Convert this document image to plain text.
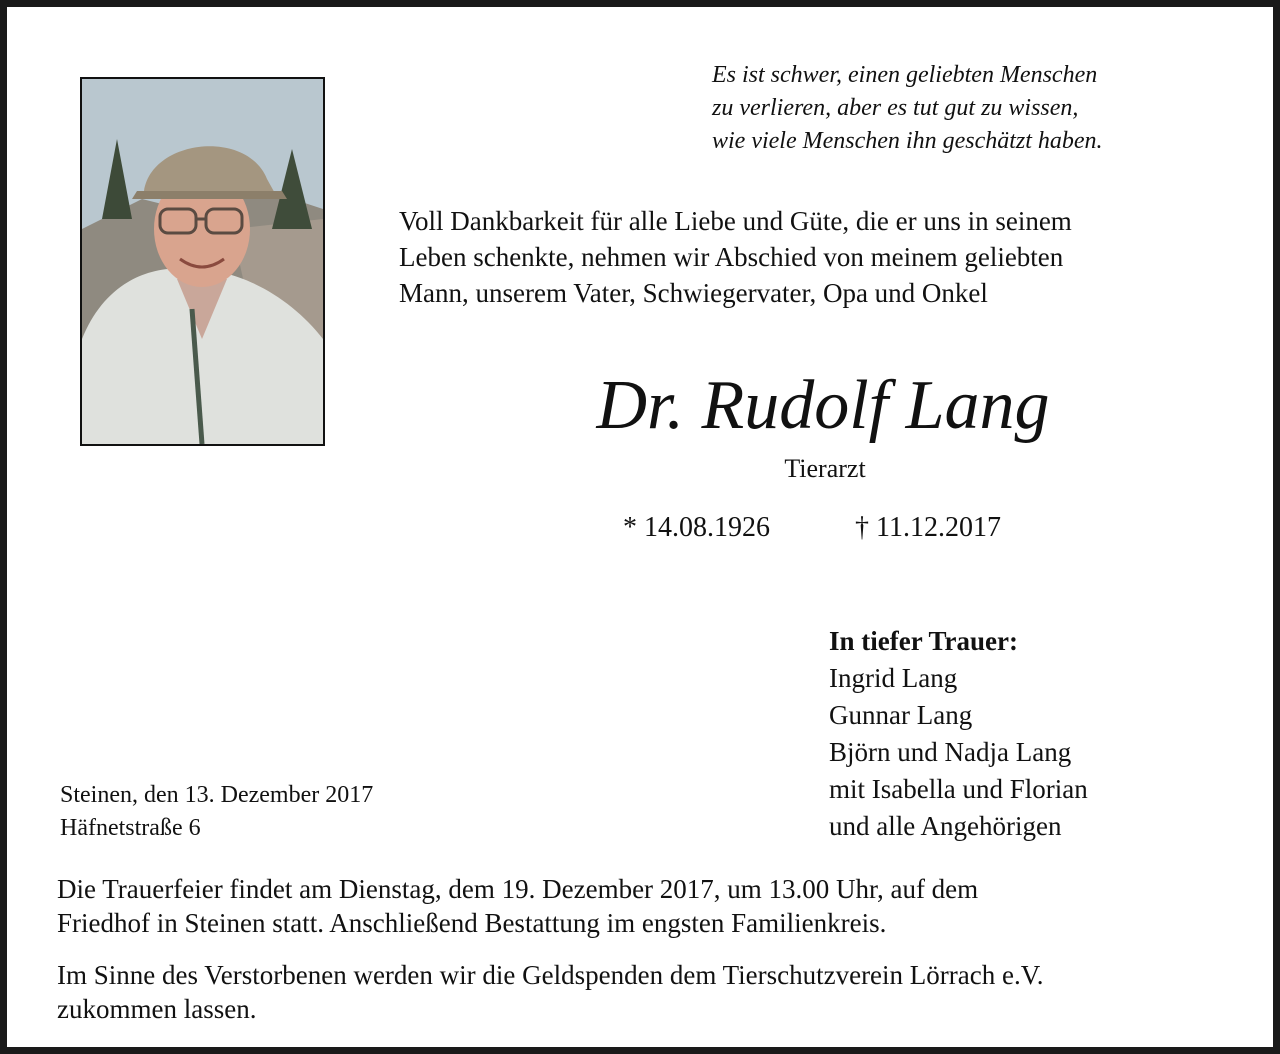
Es ist schwer, einen geliebten Menschen
zu verlieren, aber es tut gut zu wissen,
wie viele Menschen ihn geschätzt haben.
Voll Dankbarkeit für alle Liebe und Güte, die er uns in seinem
Leben schenkte, nehmen wir Abschied von meinem geliebten
Mann, unserem Vater, Schwiegervater, Opa und Onkel
Dr. Rudolf Lang
Tierarzt
* 14.08.1926	† 11.12.2017
In tiefer Trauer:
Ingrid Lang
Gunnar Lang
Björn und Nadja Lang
mit Isabella und Florian
und alle Angehörigen
Steinen, den 13. Dezember 2017
Häfnetstraße 6
Die Trauerfeier findet am Dienstag, dem 19. Dezember 2017, um 13.00 Uhr, auf dem
Friedhof in Steinen statt. Anschließend Bestattung im engsten Familienkreis.
Im Sinne des Verstorbenen werden wir die Geldspenden dem Tierschutzverein Lörrach e.V.
zukommen lassen.
